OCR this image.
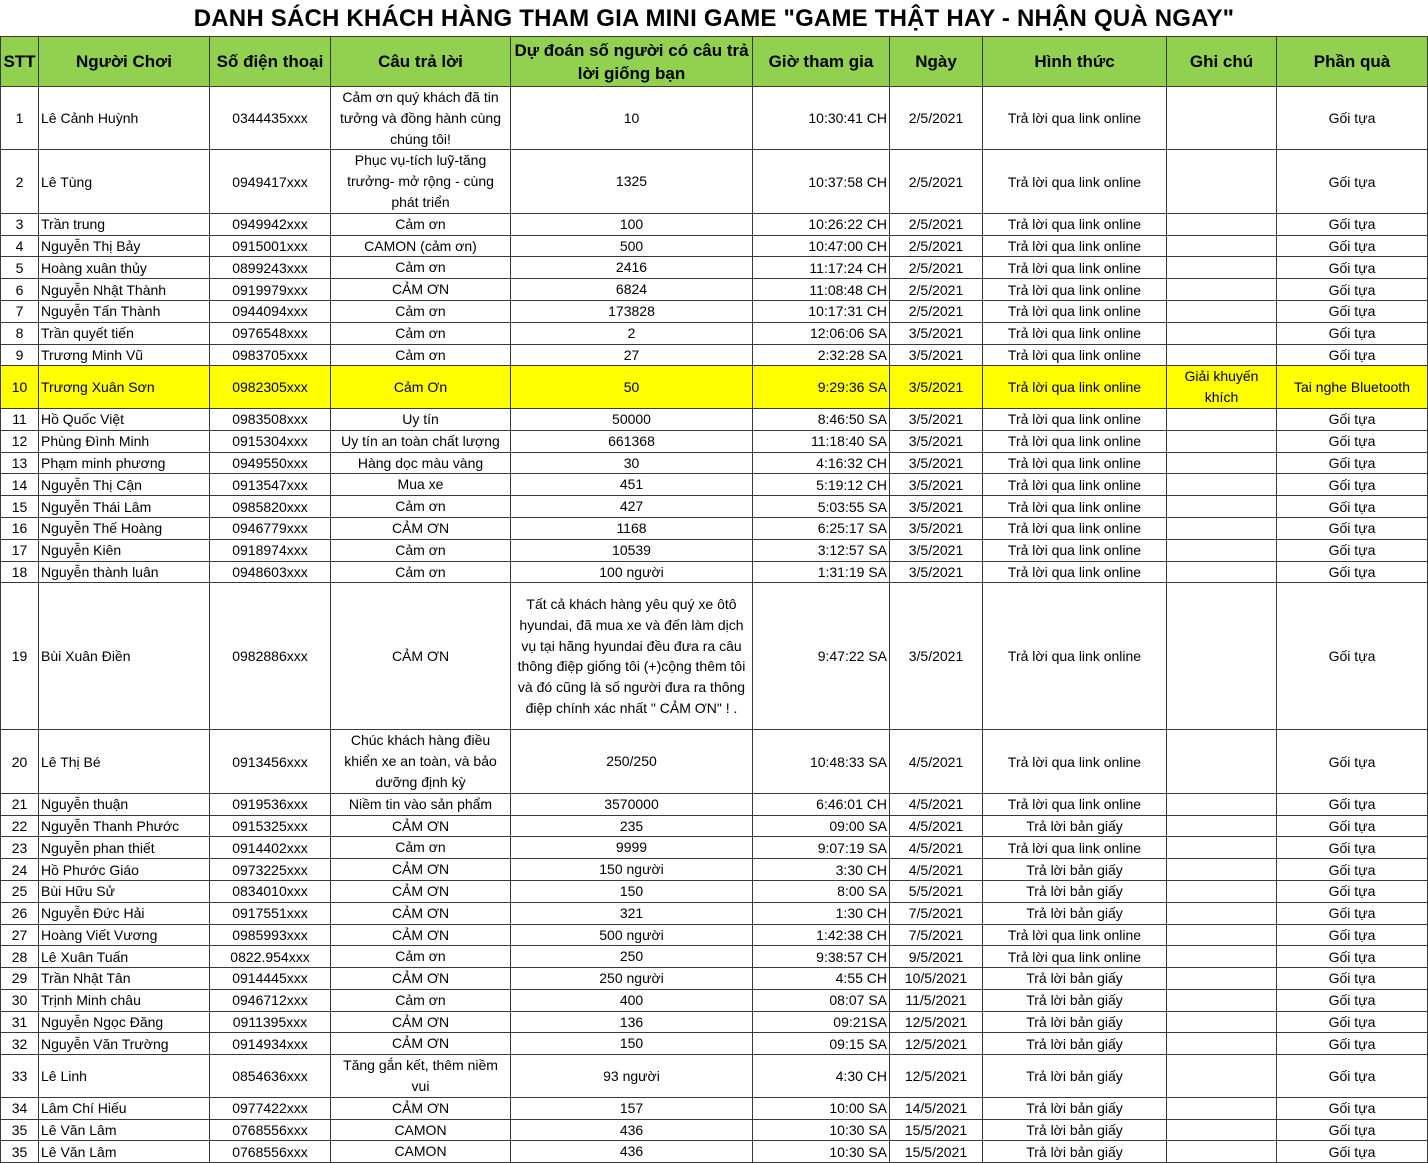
DANH SÁCH KHÁCH HÀNG THAM GIA MINI GAME "GAME THẬT HAY - NHẬN QUÀ NGAY"
STT	Người Chơi	Số điện thoại	Câu trả lời	Dự đoán số người có câu trả lời giống bạn	Giờ tham gia	Ngày	Hình thức	Ghi chú	Phần quà
1	Lê Cảnh Huỳnh	0344435xxx	Cảm ơn quý khách đã tin tưởng và đồng hành cùng chúng tôi!	10	10:30:41 CH	2/5/2021	Trả lời qua link online		Gối tựa
2	Lê Tùng	0949417xxx	Phục vụ-tích luỹ-tăng trưởng- mở rộng - cùng phát triển	1325	10:37:58 CH	2/5/2021	Trả lời qua link online		Gối tựa
3	Trần trung	0949942xxx	Cảm ơn	100	10:26:22 CH	2/5/2021	Trả lời qua link online		Gối tựa
4	Nguyễn Thị Bảy	0915001xxx	CAMON (cảm ơn)	500	10:47:00 CH	2/5/2021	Trả lời qua link online		Gối tựa
5	Hoàng xuân thủy	0899243xxx	Cảm ơn	2416	11:17:24 CH	2/5/2021	Trả lời qua link online		Gối tựa
6	Nguyễn Nhật Thành	0919979xxx	CẢM ƠN	6824	11:08:48 CH	2/5/2021	Trả lời qua link online		Gối tựa
7	Nguyễn Tấn Thành	0944094xxx	Cảm ơn	173828	10:17:31 CH	2/5/2021	Trả lời qua link online		Gối tựa
8	Trần quyết tiến	0976548xxx	Cảm ơn	2	12:06:06 SA	3/5/2021	Trả lời qua link online		Gối tựa
9	Trương Minh Vũ	0983705xxx	Cảm ơn	27	2:32:28 SA	3/5/2021	Trả lời qua link online		Gối tựa
10	Trương Xuân Sơn	0982305xxx	Cảm Ơn	50	9:29:36 SA	3/5/2021	Trả lời qua link online	Giải khuyến khích	Tai nghe Bluetooth
11	Hồ Quốc Việt	0983508xxx	Uy tín	50000	8:46:50 SA	3/5/2021	Trả lời qua link online		Gối tựa
12	Phùng Đình Minh	0915304xxx	Uy tín an toàn chất lượng	661368	11:18:40 SA	3/5/2021	Trả lời qua link online		Gối tựa
13	Phạm minh phương	0949550xxx	Hàng dọc màu vàng	30	4:16:32 CH	3/5/2021	Trả lời qua link online		Gối tựa
14	Nguyễn Thị Cận	0913547xxx	Mua xe	451	5:19:12 CH	3/5/2021	Trả lời qua link online		Gối tựa
15	Nguyễn Thái Lâm	0985820xxx	Cảm ơn	427	5:03:55 SA	3/5/2021	Trả lời qua link online		Gối tựa
16	Nguyễn Thế Hoàng	0946779xxx	CẢM ƠN	1168	6:25:17 SA	3/5/2021	Trả lời qua link online		Gối tựa
17	Nguyễn Kiên	0918974xxx	Cảm ơn	10539	3:12:57 SA	3/5/2021	Trả lời qua link online		Gối tựa
18	Nguyễn thành luân	0948603xxx	Cảm ơn	100 người	1:31:19 SA	3/5/2021	Trả lời qua link online		Gối tựa
19	Bùi Xuân Điền	0982886xxx	CẢM ƠN	Tất cả khách hàng yêu quý xe ôtô hyundai, đã mua xe và đến làm dịch vụ tại hãng hyundai đều đưa ra câu thông điệp giống tôi (+)cộng thêm tôi và đó cũng là số người đưa ra thông điệp chính xác nhất " CẢM ƠN" ! .	9:47:22 SA	3/5/2021	Trả lời qua link online		Gối tựa
20	Lê Thị Bé	0913456xxx	Chúc khách hàng điều khiển xe an toàn, và bảo dưỡng định kỳ	250/250	10:48:33 SA	4/5/2021	Trả lời qua link online		Gối tựa
21	Nguyễn thuận	0919536xxx	Niềm tin vào sản phẩm	3570000	6:46:01 CH	4/5/2021	Trả lời qua link online		Gối tựa
22	Nguyễn Thanh Phước	0915325xxx	CẢM ƠN	235	09:00 SA	4/5/2021	Trả lời bản giấy		Gối tựa
23	Nguyễn phan thiết	0914402xxx	Cảm ơn	9999	9:07:19 SA	4/5/2021	Trả lời qua link online		Gối tựa
24	Hồ Phước Giáo	0973225xxx	CẢM ƠN	150 người	3:30 CH	4/5/2021	Trả lời bản giấy		Gối tựa
25	Bùi Hữu Sử	0834010xxx	CẢM ƠN	150	8:00 SA	5/5/2021	Trả lời bản giấy		Gối tựa
26	Nguyễn Đức Hải	0917551xxx	CẢM ƠN	321	1:30 CH	7/5/2021	Trả lời bản giấy		Gối tựa
27	Hoàng Viết Vương	0985993xxx	CẢM ƠN	500 người	1:42:38 CH	7/5/2021	Trả lời qua link online		Gối tựa
28	Lê Xuân Tuấn	0822.954xxx	Cảm ơn	250	9:38:57 CH	9/5/2021	Trả lời qua link online		Gối tựa
29	Trần Nhật Tân	0914445xxx	CẢM ƠN	250 người	4:55 CH	10/5/2021	Trả lời bản giấy		Gối tựa
30	Trịnh Minh châu	0946712xxx	Cảm ơn	400	08:07 SA	11/5/2021	Trả lời bản giấy		Gối tựa
31	Nguyễn Ngọc Đăng	0911395xxx	CẢM ƠN	136	09:21SA	12/5/2021	Trả lời bản giấy		Gối tựa
32	Nguyễn Văn Trường	0914934xxx	CẢM ƠN	150	09:15 SA	12/5/2021	Trả lời bản giấy		Gối tựa
33	Lê Linh	0854636xxx	Tăng gắn kết, thêm niềm vui	93 người	4:30 CH	12/5/2021	Trả lời bản giấy		Gối tựa
34	Lâm Chí Hiếu	0977422xxx	CẢM ƠN	157	10:00 SA	14/5/2021	Trả lời bản giấy		Gối tựa
35	Lê Văn Lâm	0768556xxx	CAMON	436	10:30 SA	15/5/2021	Trả lời bản giấy		Gối tựa
35	Lê Văn Lâm	0768556xxx	CAMON	436	10:30 SA	15/5/2021	Trả lời bản giấy		Gối tựa
